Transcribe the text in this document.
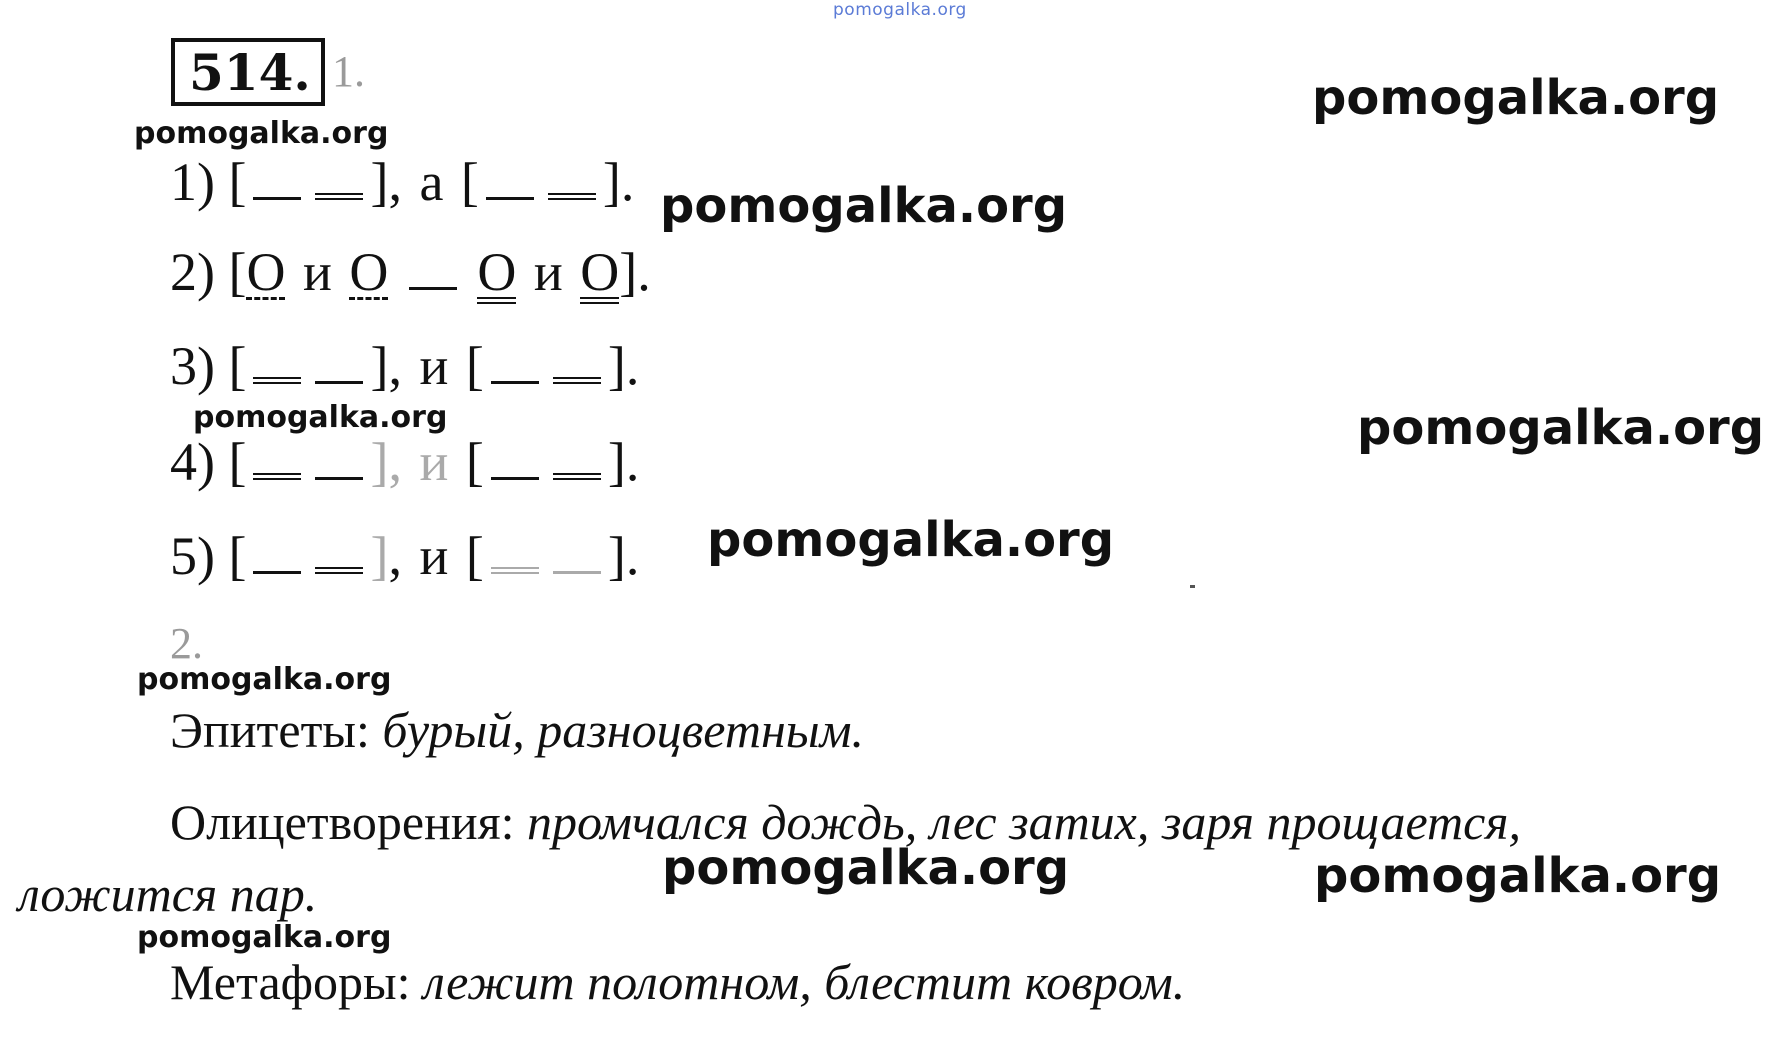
pomogalka.org
514. 1.
pomogalka.org
pomogalka.org
pomogalka.org
pomogalka.org	pomogalka.org
pomogalka.org
pomogalka.org
pomogalka.org	pomogalka.org
pomogalka.org
1) [ ], а [ ].
2) [O и O O и O].
3) [ ], и [ ].
4) [ ], и [ ].
5) [ ], и [ ].
2.
Эпитеты: бурый, разноцветным.
Олицетворения: промчался дождь, лес затих, заря прощается,
ложится пар.
Метафоры: лежит полотном, блестит ковром.
